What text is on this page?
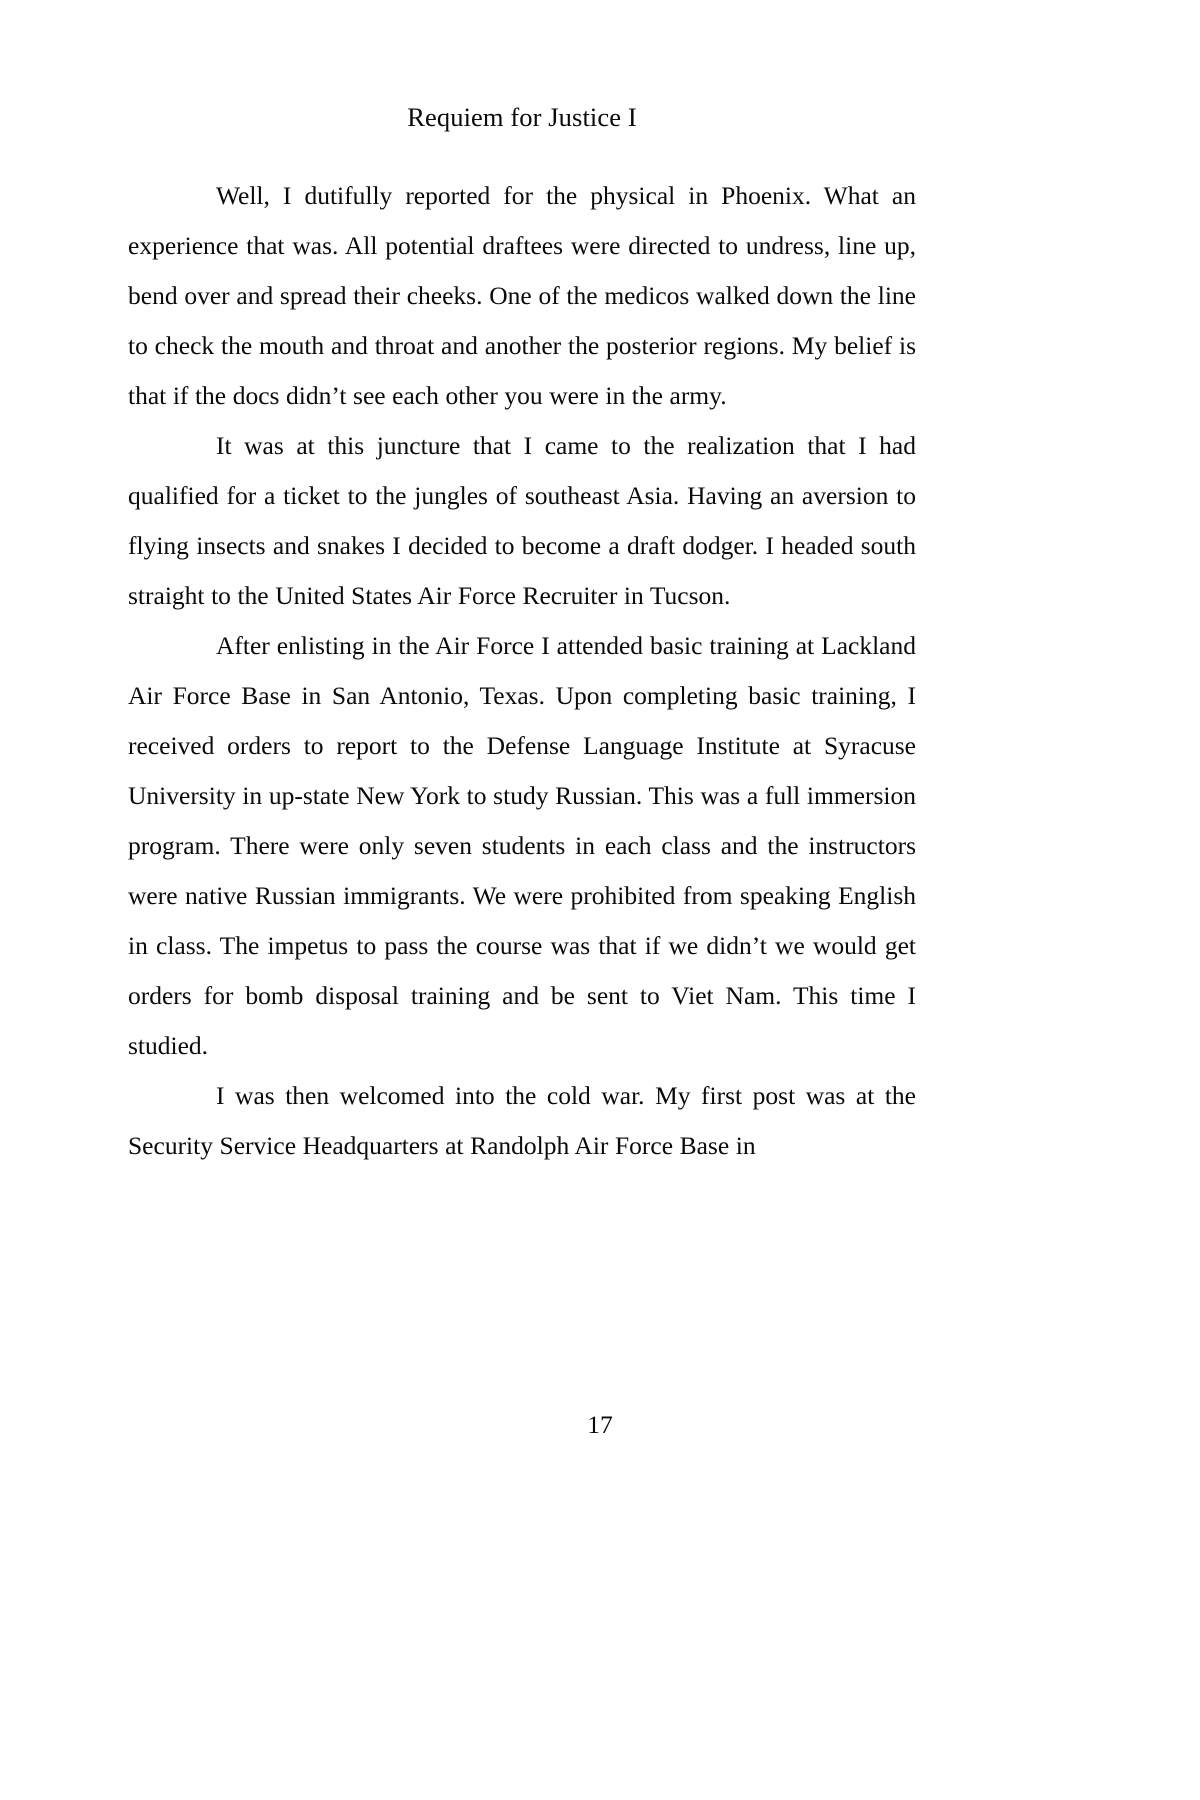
Requiem for Justice I

Well, I dutifully reported for the physical in Phoenix. What an experience that was. All potential draftees were directed to undress, line up, bend over and spread their cheeks. One of the medicos walked down the line to check the mouth and throat and another the posterior regions. My belief is that if the docs didn’t see each other you were in the army.

It was at this juncture that I came to the realization that I had qualified for a ticket to the jungles of southeast Asia. Having an aversion to flying insects and snakes I decided to become a draft dodger. I headed south straight to the United States Air Force Recruiter in Tucson.

After enlisting in the Air Force I attended basic training at Lackland Air Force Base in San Antonio, Texas. Upon completing basic training, I received orders to report to the Defense Language Institute at Syracuse University in up-state New York to study Russian. This was a full immersion program. There were only seven students in each class and the instructors were native Russian immigrants. We were prohibited from speaking English in class. The impetus to pass the course was that if we didn’t we would get orders for bomb disposal training and be sent to Viet Nam. This time I studied.

I was then welcomed into the cold war. My first post was at the Security Service Headquarters at Randolph Air Force Base in

17
